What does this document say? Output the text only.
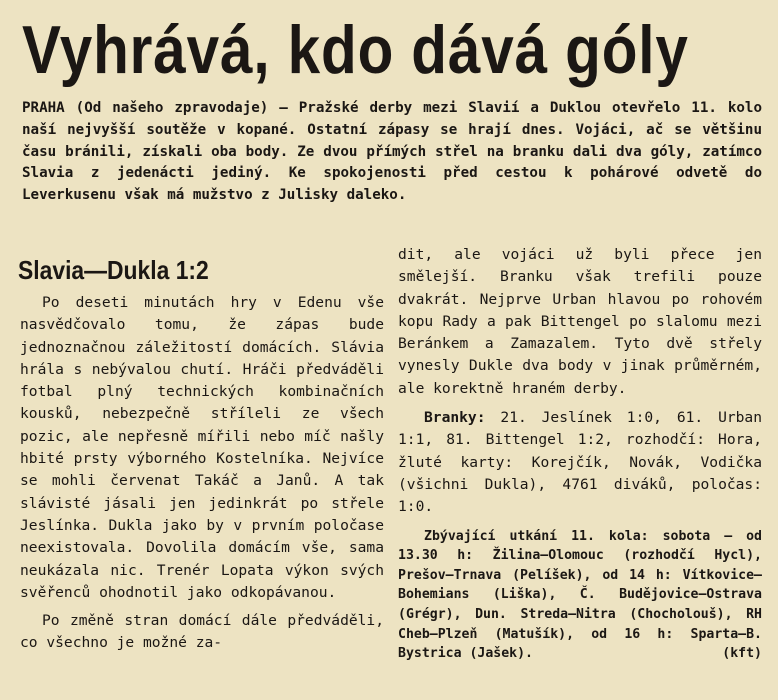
Vyhrává, kdo dává góly

PRAHA (Od našeho zpravodaje) — Pražské derby mezi Slavií a Duklou otevřelo 11. kolo naší nejvyšší soutěže v kopané. Ostatní zápasy se hrají dnes. Vojáci, ač se většinu času bránili, získali oba body. Ze dvou přímých střel na branku dali dva góly, zatímco Slavia z jedenácti jediný. Ke spokojenosti před cestou k pohárové odvetě do Leverkusenu však má mužstvo z Julisky daleko.

Slavia—Dukla 1:2

Po deseti minutách hry v Edenu vše nasvědčovalo tomu, že zápas bude jednoznačnou záležitostí domácích. Slávia hrála s nebývalou chutí. Hráči předváděli fotbal plný technických kombinačních kousků, nebezpečně stříleli ze všech pozic, ale nepřesně mířili nebo míč našly hbité prsty výborného Kostelníka. Nejvíce se mohli červenat Takáč a Janů. A tak slávisté jásali jen jedinkrát po střele Jeslínka. Dukla jako by v prvním poločase neexistovala. Dovolila domácím vše, sama neukázala nic. Trenér Lopata výkon svých svěřenců ohodnotil jako odkopávanou.

Po změně stran domácí dále předváděli, co všechno je možné za-

dit, ale vojáci už byli přece jen smělejší. Branku však trefili pouze dvakrát. Nejprve Urban hlavou po rohovém kopu Rady a pak Bittengel po slalomu mezi Beránkem a Zamazalem. Tyto dvě střely vynesly Dukle dva body v jinak průměrném, ale korektně hraném derby.

Branky: 21. Jeslínek 1:0, 61. Urban 1:1, 81. Bittengel 1:2, rozhodčí: Hora, žluté karty: Korejčík, Novák, Vodička (všichni Dukla), 4761 diváků, poločas: 1:0.

Zbývající utkání 11. kola: sobota — od 13.30 h: Žilina—Olomouc (rozhodčí Hycl), Prešov—Trnava (Pelíšek), od 14 h: Vítkovice—Bohemians (Liška), Č. Budějovice—Ostrava (Grégr), Dun. Streda—Nitra (Chocholouš), RH Cheb—Plzeň (Matušík), od 16 h: Sparta—B. Bystrica (Jašek).	(kft)
